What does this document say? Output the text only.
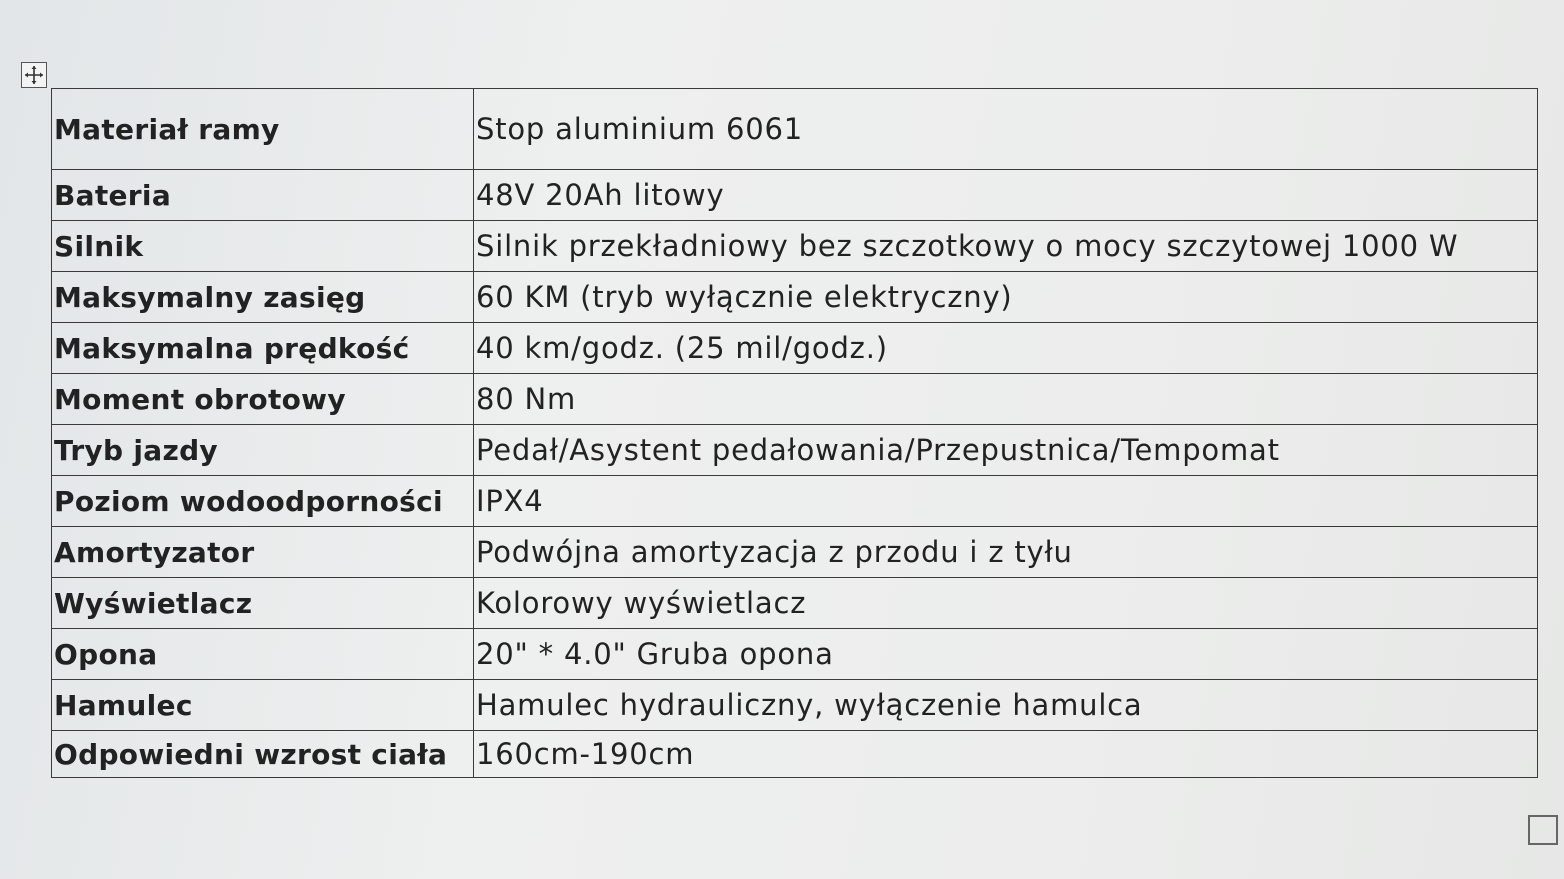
Materiał ramy	Stop aluminium 6061
Bateria	48V 20Ah litowy
Silnik	Silnik przekładniowy bez szczotkowy o mocy szczytowej 1000 W
Maksymalny zasięg	60 KM (tryb wyłącznie elektryczny)
Maksymalna prędkość	40 km/godz. (25 mil/godz.)
Moment obrotowy	80 Nm
Tryb jazdy	Pedał/Asystent pedałowania/Przepustnica/Tempomat
Poziom wodoodporności	IPX4
Amortyzator	Podwójna amortyzacja z przodu i z tyłu
Wyświetlacz	Kolorowy wyświetlacz
Opona	20" * 4.0" Gruba opona
Hamulec	Hamulec hydrauliczny, wyłączenie hamulca
Odpowiedni wzrost ciała	160cm-190cm
